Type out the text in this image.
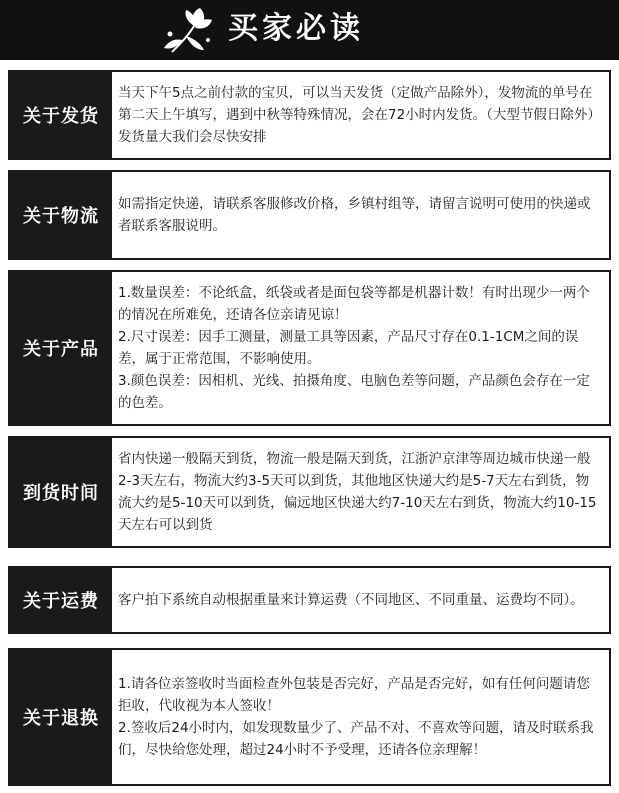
买家必读
关于发货

当天下午5点之前付款的宝贝，可以当天发货（定做产品除外），发物流的单号在第二天上午填写，遇到中秋等特殊情况，会在72小时内发货。（大型节假日除外）发货量大我们会尽快安排

关于物流

如需指定快递，请联系客服修改价格，乡镇村组等，请留言说明可使用的快递或者联系客服说明。

关于产品

1.数量误差：不论纸盒，纸袋或者是面包袋等都是机器计数！有时出现少一两个的情况在所难免，还请各位亲请见谅！

2.尺寸误差：因手工测量，测量工具等因素，产品尺寸存在0.1-1CM之间的误差，属于正常范围，不影响使用。

3.颜色误差：因相机、光线、拍摄角度、电脑色差等问题，产品颜色会存在一定的色差。

到货时间

省内快递一般隔天到货，物流一般是隔天到货，江浙沪京津等周边城市快递一般2-3天左右，物流大约3-5天可以到货，其他地区快递大约是5-7天左右到货，物流大约是5-10天可以到货，偏远地区快递大约7-10天左右到货，物流大约10-15天左右可以到货

关于运费	客户拍下系统自动根据重量来计算运费（不同地区、不同重量、运费均不同）。

关于退换

1.请各位亲签收时当面检查外包装是否完好，产品是否完好，如有任何问题请您拒收，代收视为本人签收！

2.签收后24小时内，如发现数量少了、产品不对、不喜欢等问题，请及时联系我们，尽快给您处理，超过24小时不予受理，还请各位亲理解！
